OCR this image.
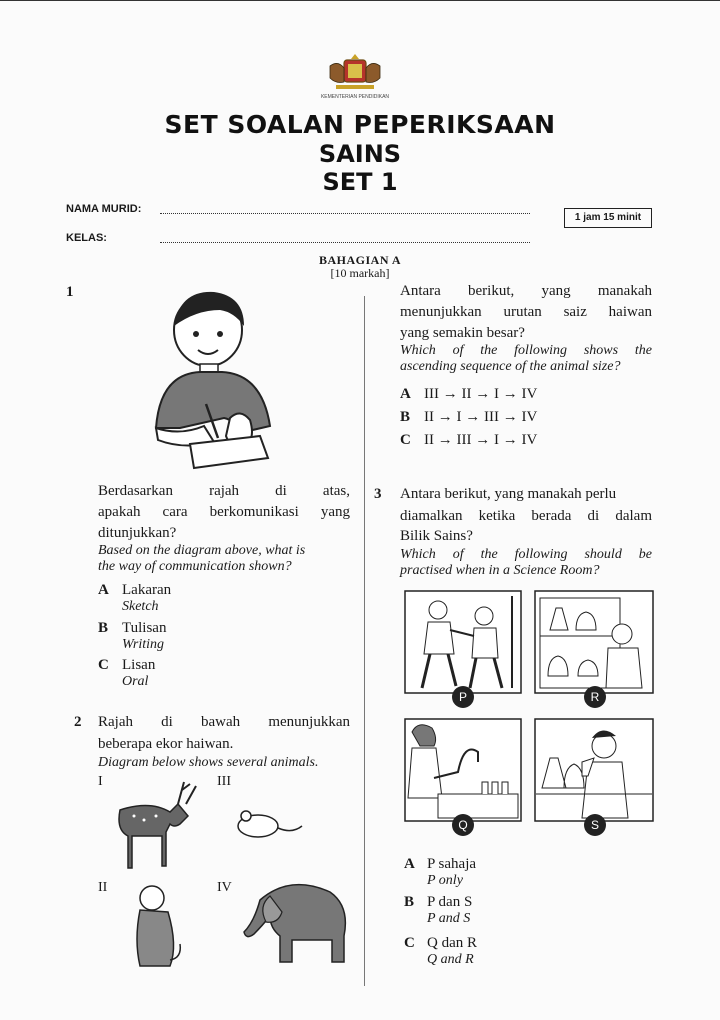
KEMENTERIAN PENDIDIKAN
SET SOALAN PEPERIKSAAN
SAINS
SET 1
NAMA MURID:
1 jam 15 minit
KELAS:
BAHAGIAN A
[10 markah]
1
Berdasarkan rajah di atas,
apakah cara berkomunikasi yang
ditunjukkan?
Based on the diagram above, what is
the way of communication shown?
A Lakaran
Sketch
B Tulisan
Writing
C Lisan
Oral
2 Rajah di bawah menunjukkan
beberapa ekor haiwan.
Diagram below shows several animals.
I	III
II	IV
Antara berikut, yang manakah
menunjukkan urutan saiz haiwan
yang semakin besar?
Which of the following shows the
ascending sequence of the animal size?
A III → II → I → IV
B II → I → III → IV
C II → III → I → IV
3 Antara berikut, yang manakah perlu
diamalkan ketika berada di dalam
Bilik Sains?
Which of the following should be
practised when in a Science Room?
P	R
Q	S
A P sahaja
P only
B P dan S
P and S
C Q dan R
Q and R
